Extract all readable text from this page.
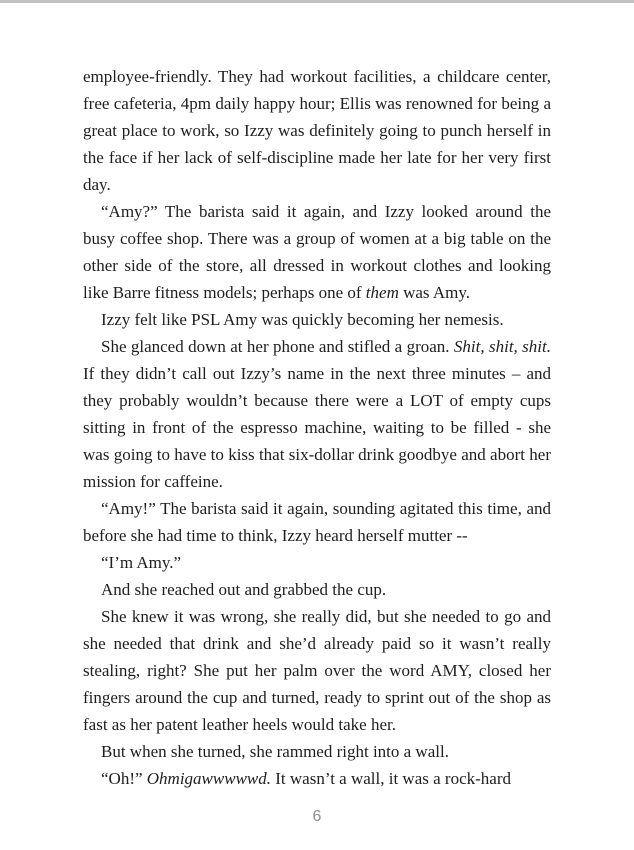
employee-friendly. They had workout facilities, a childcare center, free cafeteria, 4pm daily happy hour; Ellis was renowned for being a great place to work, so Izzy was definitely going to punch herself in the face if her lack of self-discipline made her late for her very first day.

“Amy?” The barista said it again, and Izzy looked around the busy coffee shop. There was a group of women at a big table on the other side of the store, all dressed in workout clothes and looking like Barre fitness models; perhaps one of them was Amy.

Izzy felt like PSL Amy was quickly becoming her nemesis.

She glanced down at her phone and stifled a groan. Shit, shit, shit. If they didn’t call out Izzy’s name in the next three minutes – and they probably wouldn’t because there were a LOT of empty cups sitting in front of the espresso machine, waiting to be filled - she was going to have to kiss that six-dollar drink goodbye and abort her mission for caffeine.

“Amy!” The barista said it again, sounding agitated this time, and before she had time to think, Izzy heard herself mutter --

“I’m Amy.”

And she reached out and grabbed the cup.

She knew it was wrong, she really did, but she needed to go and she needed that drink and she’d already paid so it wasn’t really stealing, right? She put her palm over the word AMY, closed her fingers around the cup and turned, ready to sprint out of the shop as fast as her patent leather heels would take her.

But when she turned, she rammed right into a wall.

“Oh!” Ohmigawwwwwd. It wasn’t a wall, it was a rock-hard

6
